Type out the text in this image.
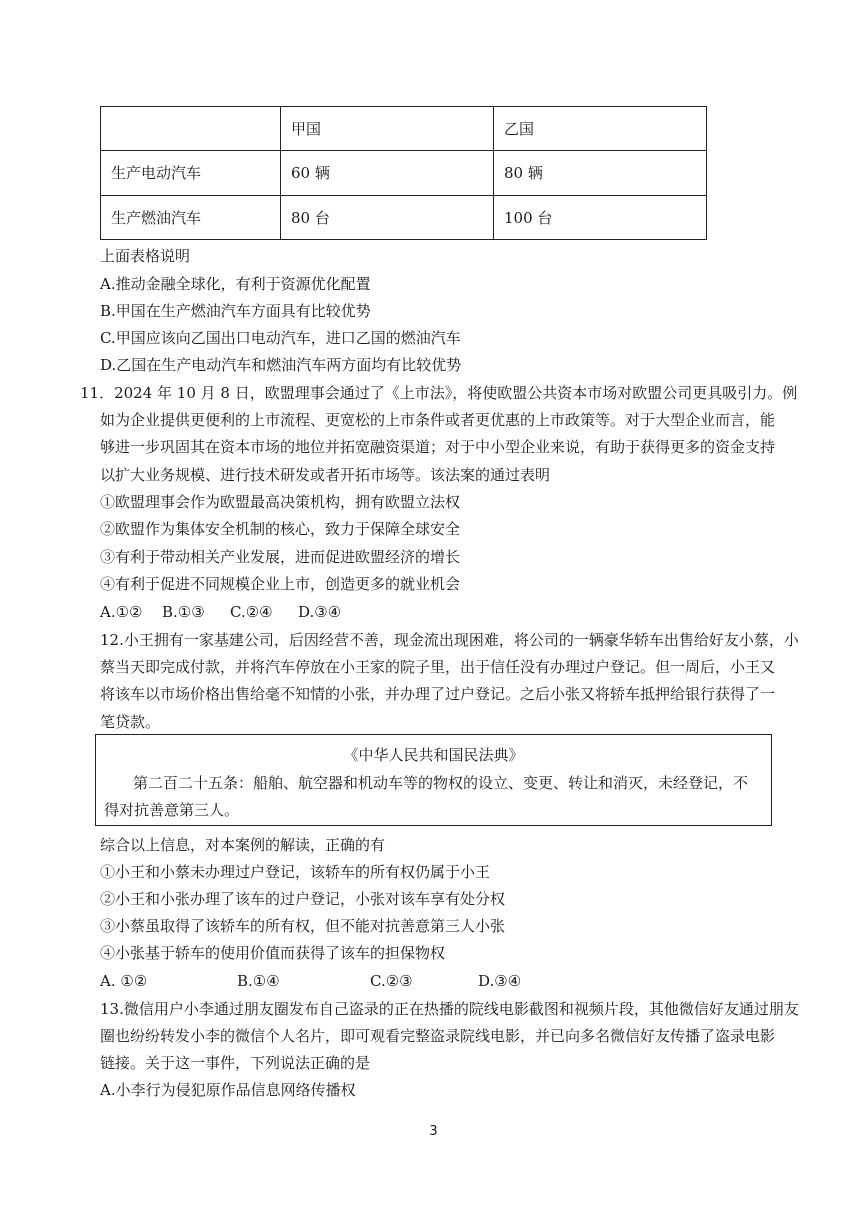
	甲国	乙国
生产电动汽车	60 辆	80 辆
生产燃油汽车	80 台	100 台
上面表格说明
A.推动金融全球化，有利于资源优化配置
B.甲国在生产燃油汽车方面具有比较优势
C.甲国应该向乙国出口电动汽车，进口乙国的燃油汽车
D.乙国在生产电动汽车和燃油汽车两方面均有比较优势
11．2024 年 10 月 8 日，欧盟理事会通过了《上市法》，将使欧盟公共资本市场对欧盟公司更具吸引力。例
如为企业提供更便利的上市流程、更宽松的上市条件或者更优惠的上市政策等。对于大型企业而言，能
够进一步巩固其在资本市场的地位并拓宽融资渠道；对于中小型企业来说，有助于获得更多的资金支持
以扩大业务规模、进行技术研发或者开拓市场等。该法案的通过表明
①欧盟理事会作为欧盟最高决策机构，拥有欧盟立法权
②欧盟作为集体安全机制的核心，致力于保障全球安全
③有利于带动相关产业发展，进而促进欧盟经济的增长
④有利于促进不同规模企业上市，创造更多的就业机会
A.①② B.①③ C.②④ D.③④
12.小王拥有一家基建公司，后因经营不善，现金流出现困难，将公司的一辆豪华轿车出售给好友小蔡，小
蔡当天即完成付款，并将汽车停放在小王家的院子里，出于信任没有办理过户登记。但一周后，小王又
将该车以市场价格出售给毫不知情的小张，并办理了过户登记。之后小张又将轿车抵押给银行获得了一
笔贷款。
《中华人民共和国民法典》
第二百二十五条：船舶、航空器和机动车等的物权的设立、变更、转让和消灭，未经登记，不
得对抗善意第三人。
综合以上信息，对本案例的解读，正确的有
①小王和小蔡未办理过户登记，该轿车的所有权仍属于小王
②小王和小张办理了该车的过户登记，小张对该车享有处分权
③小蔡虽取得了该轿车的所有权，但不能对抗善意第三人小张
④小张基于轿车的使用价值而获得了该车的担保物权
A. ①②	B.①④	C.②③	D.③④
13.微信用户小李通过朋友圈发布自己盗录的正在热播的院线电影截图和视频片段，其他微信好友通过朋友
圈也纷纷转发小李的微信个人名片，即可观看完整盗录院线电影，并已向多名微信好友传播了盗录电影
链接。关于这一事件，下列说法正确的是
A.小李行为侵犯原作品信息网络传播权
3
